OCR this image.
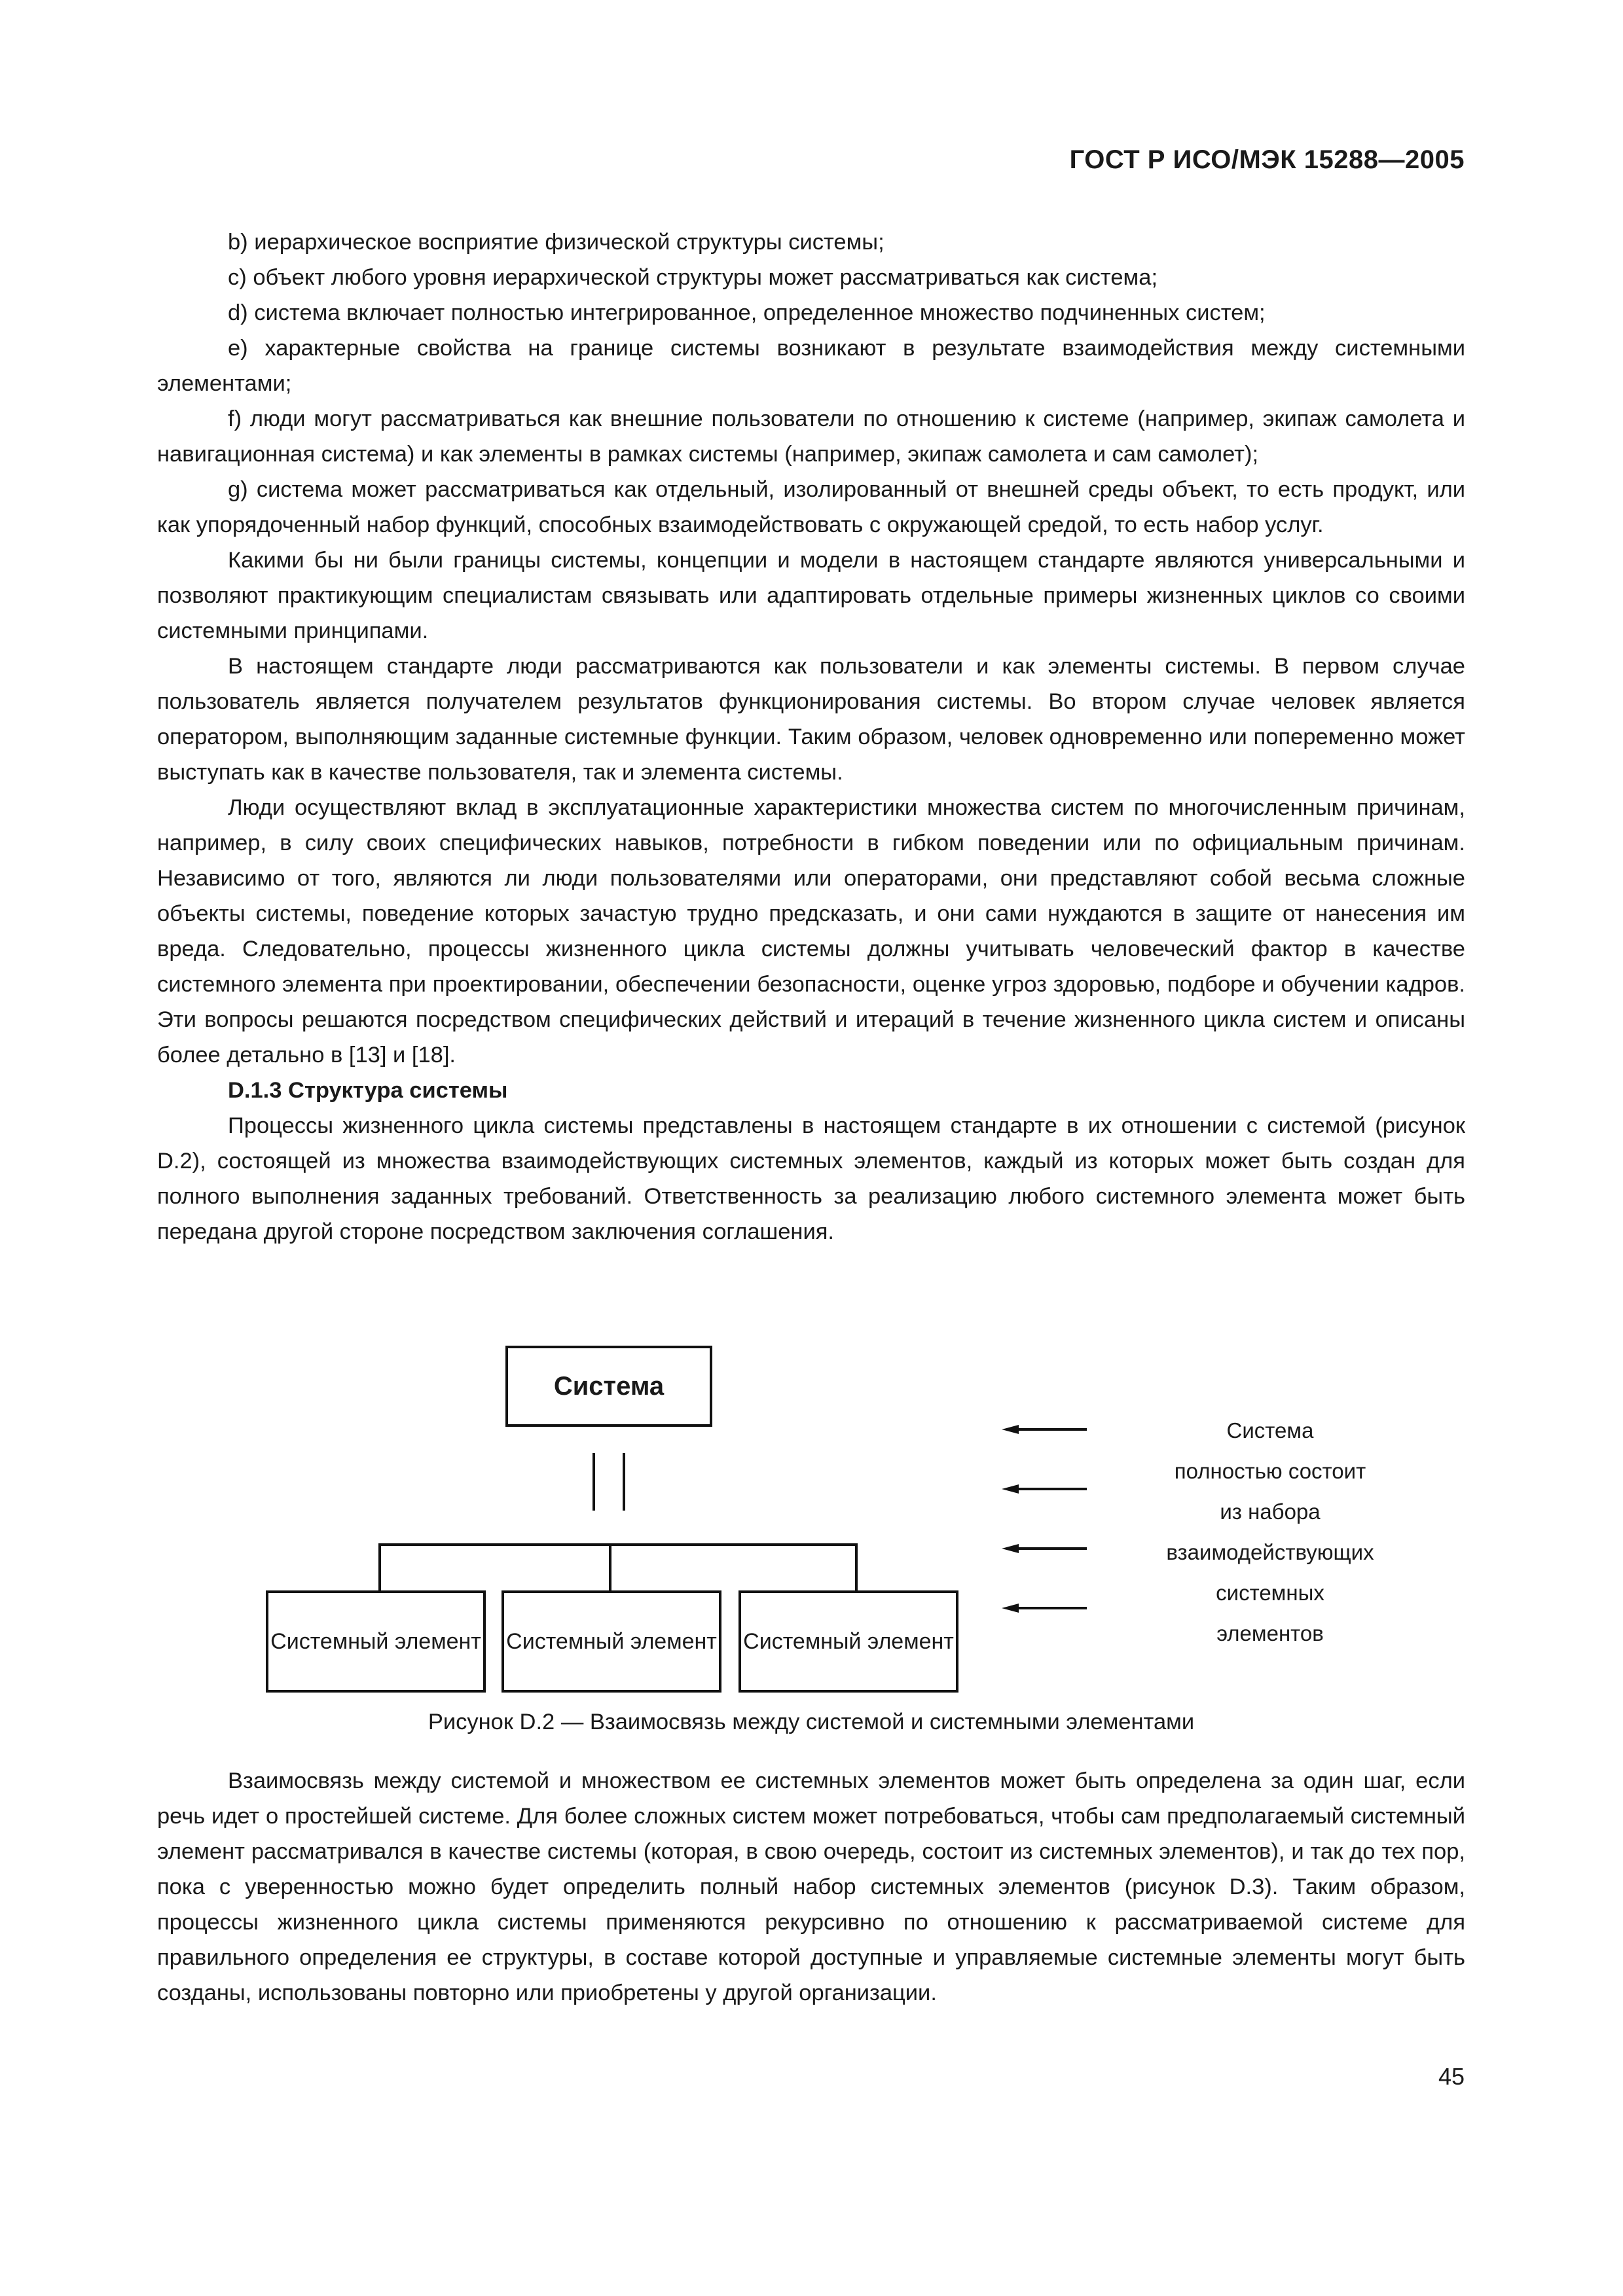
ГОСТ Р ИСО/МЭК 15288—2005

b) иерархическое восприятие физической структуры системы;

c) объект любого уровня иерархической структуры может рассматриваться как система;

d) система включает полностью интегрированное, определенное множество подчиненных систем;

e) характерные свойства на границе системы возникают в результате взаимодействия между системными элементами;

f) люди могут рассматриваться как внешние пользователи по отношению к системе (например, экипаж самолета и навигационная система) и как элементы в рамках системы (например, экипаж самолета и сам самолет);

g) система может рассматриваться как отдельный, изолированный от внешней среды объект, то есть продукт, или как упорядоченный набор функций, способных взаимодействовать с окружающей средой, то есть набор услуг.

Какими бы ни были границы системы, концепции и модели в настоящем стандарте являются универсальными и позволяют практикующим специалистам связывать или адаптировать отдельные примеры жизненных циклов со своими системными принципами.

В настоящем стандарте люди рассматриваются как пользователи и как элементы системы. В первом случае пользователь является получателем результатов функционирования системы. Во втором случае человек является оператором, выполняющим заданные системные функции. Таким образом, человек одновременно или попеременно может выступать как в качестве пользователя, так и элемента системы.

Люди осуществляют вклад в эксплуатационные характеристики множества систем по многочисленным причинам, например, в силу своих специфических навыков, потребности в гибком поведении или по официальным причинам. Независимо от того, являются ли люди пользователями или операторами, они представляют собой весьма сложные объекты системы, поведение которых зачастую трудно предсказать, и они сами нуждаются в защите от нанесения им вреда. Следовательно, процессы жизненного цикла системы должны учитывать человеческий фактор в качестве системного элемента при проектировании, обеспечении безопасности, оценке угроз здоровью, подборе и обучении кадров. Эти вопросы решаются посредством специфических действий и итераций в течение жизненного цикла систем и описаны более детально в [13] и [18].

D.1.3 Структура системы

Процессы жизненного цикла системы представлены в настоящем стандарте в их отношении с системой (рисунок D.2), состоящей из множества взаимодействующих системных элементов, каждый из которых может быть создан для полного выполнения заданных требований. Ответственность за реализацию любого системного элемента может быть передана другой стороне посредством заключения соглашения.

Система
Системный элемент Системный элемент Системный элемент
Система
полностью состоит
из набора
взаимодействующих
системных
элементов
Рисунок D.2 — Взаимосвязь между системой и системными элементами

Взаимосвязь между системой и множеством ее системных элементов может быть определена за один шаг, если речь идет о простейшей системе. Для более сложных систем может потребоваться, чтобы сам предполагаемый системный элемент рассматривался в качестве системы (которая, в свою очередь, состоит из системных элементов), и так до тех пор, пока с уверенностью можно будет определить полный набор системных элементов (рисунок D.3). Таким образом, процессы жизненного цикла системы применяются рекурсивно по отношению к рассматриваемой системе для правильного определения ее структуры, в составе которой доступные и управляемые системные элементы могут быть созданы, использованы повторно или приобретены у другой организации.

45
